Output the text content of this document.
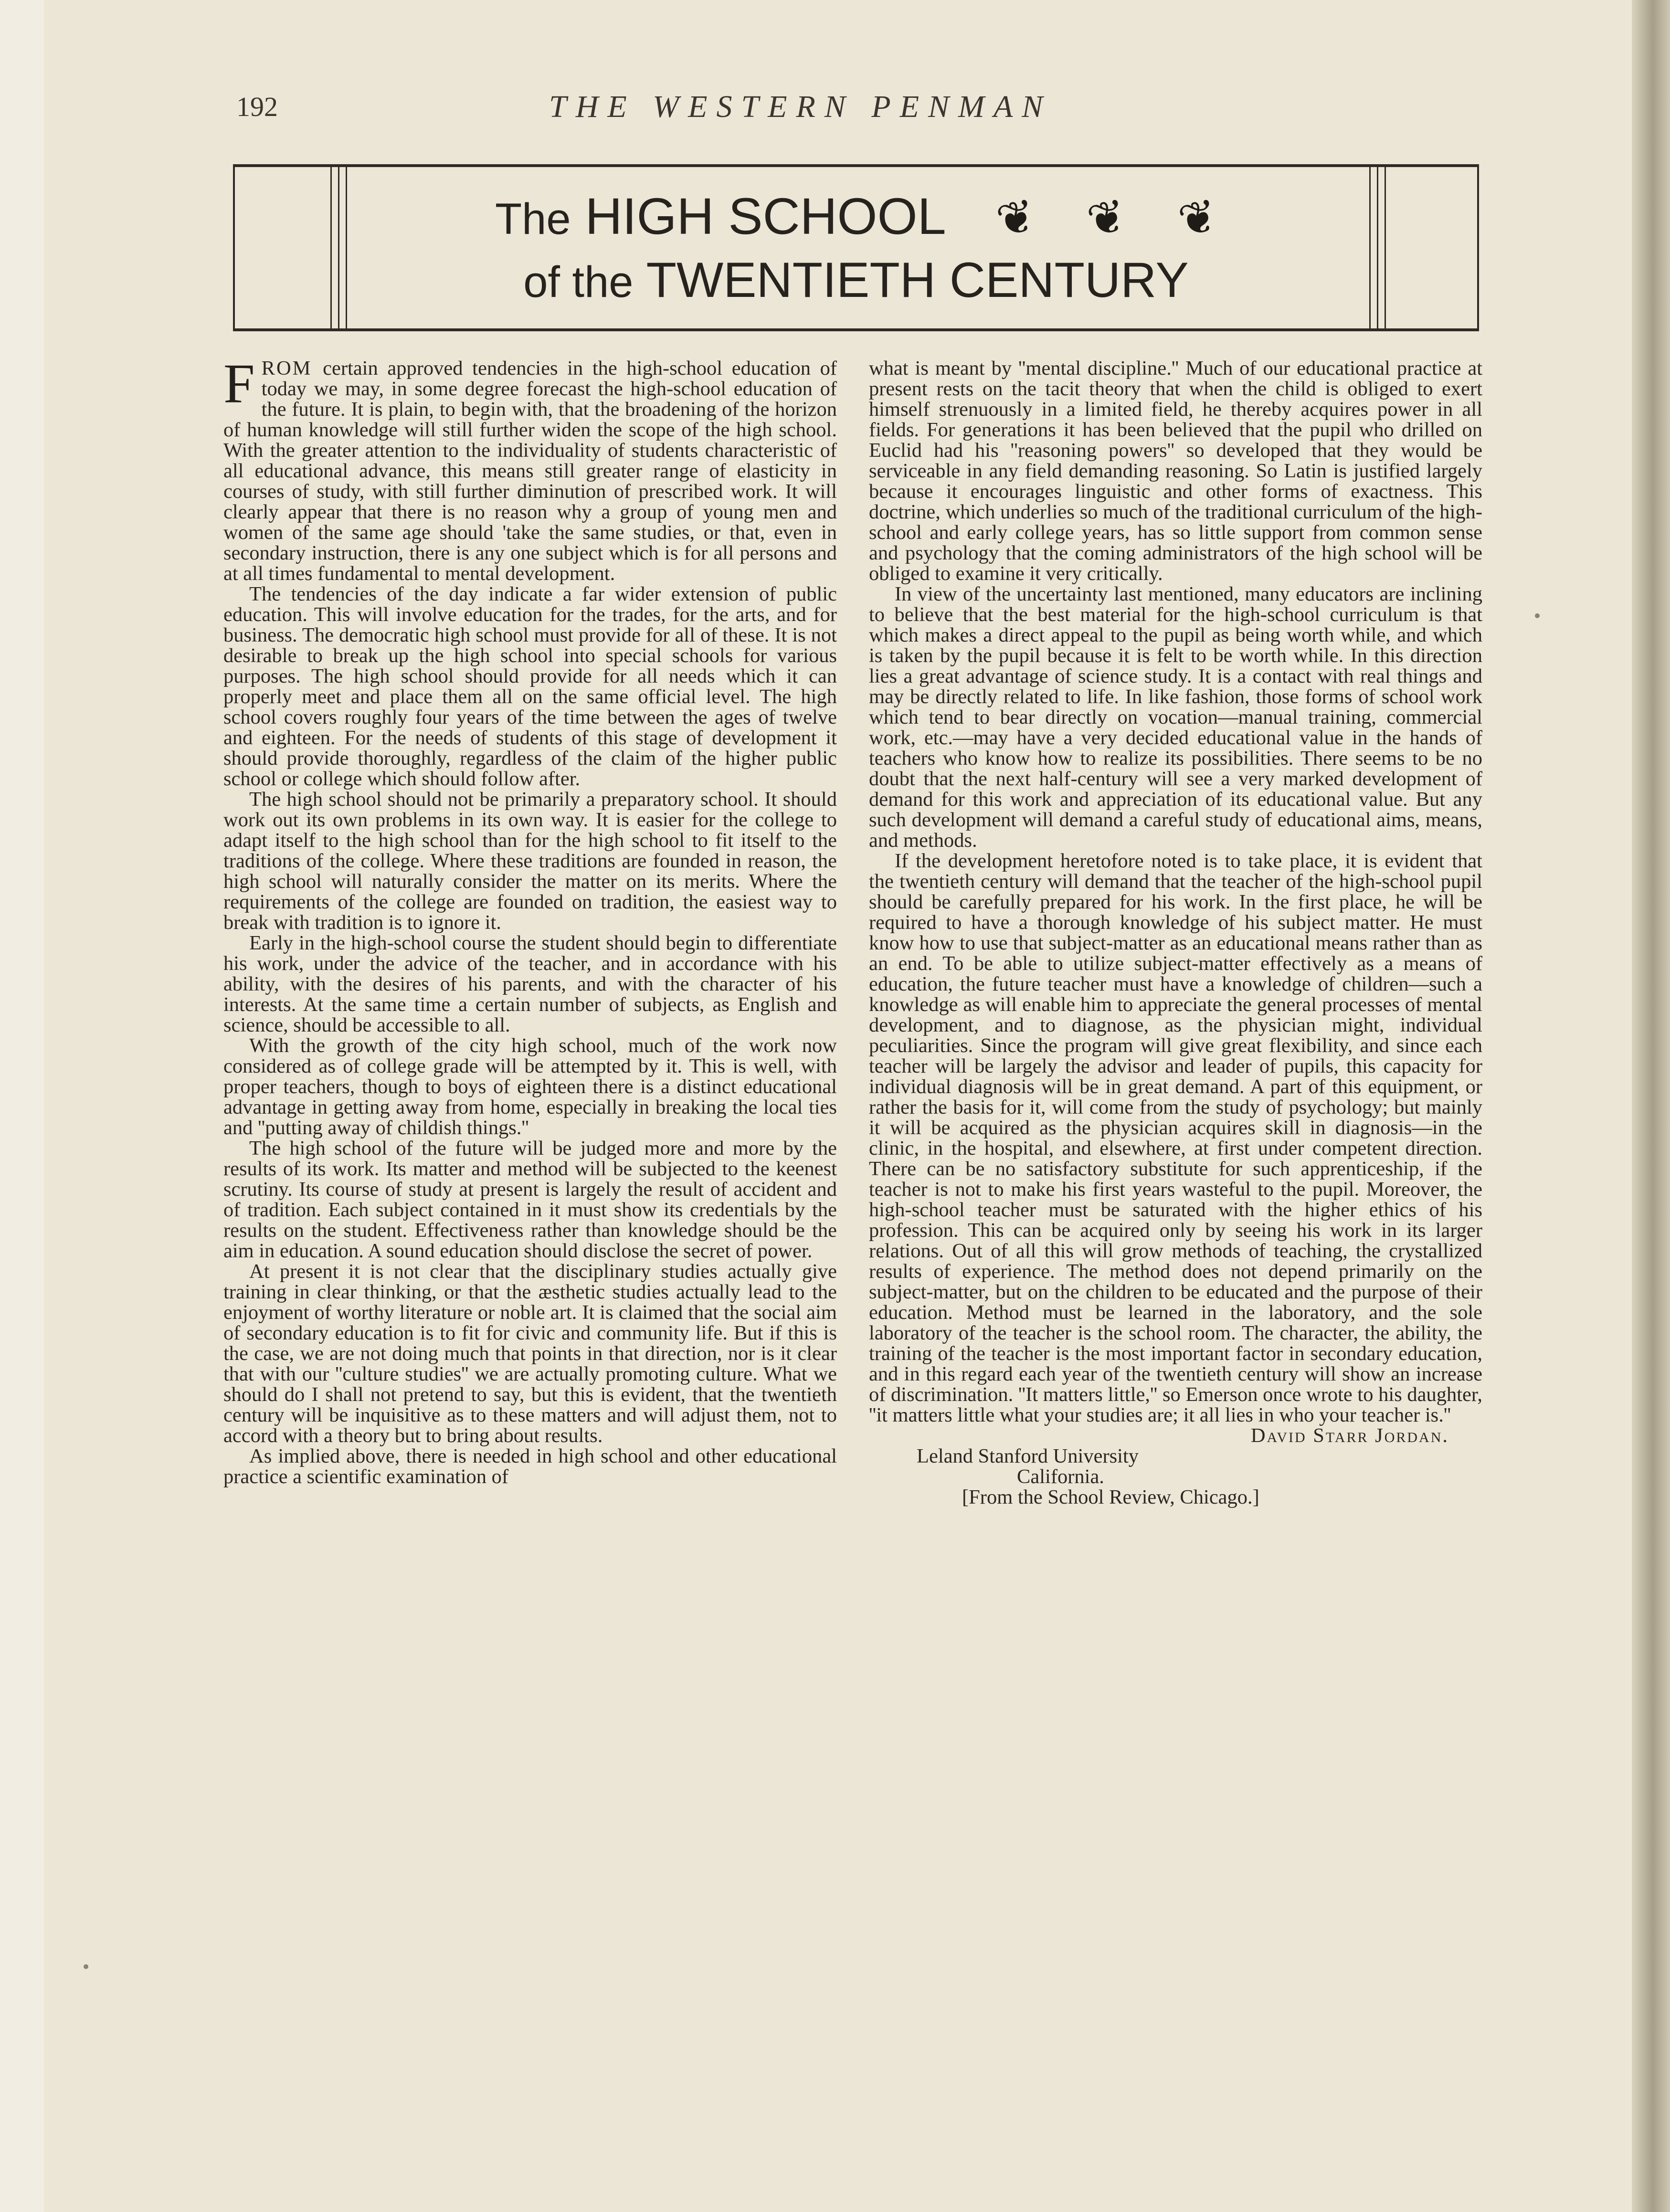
192	THE WESTERN PENMAN
The HIGH SCHOOL ❦ ❦ ❦
of the TWENTIETH CENTURY

FROM certain approved tendencies in the high-school education of today we may, in some degree forecast the high-school education of the future. It is plain, to begin with, that the broadening of the horizon of human knowledge will still further widen the scope of the high school. With the greater attention to the individuality of students characteristic of all educational advance, this means still greater range of elasticity in courses of study, with still further diminution of prescribed work. It will clearly appear that there is no reason why a group of young men and women of the same age should 'take the same studies, or that, even in secondary instruction, there is any one subject which is for all persons and at all times fundamental to mental development.

The tendencies of the day indicate a far wider extension of public education. This will involve education for the trades, for the arts, and for business. The democratic high school must provide for all of these. It is not desirable to break up the high school into special schools for various purposes. The high school should provide for all needs which it can properly meet and place them all on the same official level. The high school covers roughly four years of the time between the ages of twelve and eighteen. For the needs of students of this stage of development it should provide thoroughly, regardless of the claim of the higher public school or college which should follow after.

The high school should not be primarily a preparatory school. It should work out its own problems in its own way. It is easier for the college to adapt itself to the high school than for the high school to fit itself to the traditions of the college. Where these traditions are founded in reason, the high school will naturally consider the matter on its merits. Where the requirements of the college are founded on tradition, the easiest way to break with tradition is to ignore it.

Early in the high-school course the student should begin to differentiate his work, under the advice of the teacher, and in accordance with his ability, with the desires of his parents, and with the character of his interests. At the same time a certain number of subjects, as English and science, should be accessible to all.

With the growth of the city high school, much of the work now considered as of college grade will be attempted by it. This is well, with proper teachers, though to boys of eighteen there is a distinct educational advantage in getting away from home, especially in breaking the local ties and ''putting away of childish things.''

The high school of the future will be judged more and more by the results of its work. Its matter and method will be subjected to the keenest scrutiny. Its course of study at present is largely the result of accident and of tradition. Each subject contained in it must show its credentials by the results on the student. Effectiveness rather than knowledge should be the aim in education. A sound education should disclose the secret of power.

At present it is not clear that the disciplinary studies actually give training in clear thinking, or that the æsthetic studies actually lead to the enjoyment of worthy literature or noble art. It is claimed that the social aim of secondary education is to fit for civic and community life. But if this is the case, we are not doing much that points in that direction, nor is it clear that with our ''culture studies'' we are actually promoting culture. What we should do I shall not pretend to say, but this is evident, that the twentieth century will be inquisitive as to these matters and will adjust them, not to accord with a theory but to bring about results.

As implied above, there is needed in high school and other educational practice a scientific examination of

what is meant by ''mental discipline.'' Much of our educational practice at present rests on the tacit theory that when the child is obliged to exert himself strenuously in a limited field, he thereby acquires power in all fields. For generations it has been believed that the pupil who drilled on Euclid had his ''reasoning powers'' so developed that they would be serviceable in any field demanding reasoning. So Latin is justified largely because it encourages linguistic and other forms of exactness. This doctrine, which underlies so much of the traditional curriculum of the high-school and early college years, has so little support from common sense and psychology that the coming administrators of the high school will be obliged to examine it very critically.

In view of the uncertainty last mentioned, many educators are inclining to believe that the best material for the high-school curriculum is that which makes a direct appeal to the pupil as being worth while, and which is taken by the pupil because it is felt to be worth while. In this direction lies a great advantage of science study. It is a contact with real things and may be directly related to life. In like fashion, those forms of school work which tend to bear directly on vocation—manual training, commercial work, etc.—may have a very decided educational value in the hands of teachers who know how to realize its possibilities. There seems to be no doubt that the next half-century will see a very marked development of demand for this work and appreciation of its educational value. But any such development will demand a careful study of educational aims, means, and methods.

If the development heretofore noted is to take place, it is evident that the twentieth century will demand that the teacher of the high-school pupil should be carefully prepared for his work. In the first place, he will be required to have a thorough knowledge of his subject matter. He must know how to use that subject-matter as an educational means rather than as an end. To be able to utilize subject-matter effectively as a means of education, the future teacher must have a knowledge of children—such a knowledge as will enable him to appreciate the general processes of mental development, and to diagnose, as the physician might, individual peculiarities. Since the program will give great flexibility, and since each teacher will be largely the advisor and leader of pupils, this capacity for individual diagnosis will be in great demand. A part of this equipment, or rather the basis for it, will come from the study of psychology; but mainly it will be acquired as the physician acquires skill in diagnosis—in the clinic, in the hospital, and elsewhere, at first under competent direction. There can be no satisfactory substitute for such apprenticeship, if the teacher is not to make his first years wasteful to the pupil. Moreover, the high-school teacher must be saturated with the higher ethics of his profession. This can be acquired only by seeing his work in its larger relations. Out of all this will grow methods of teaching, the crystallized results of experience. The method does not depend primarily on the subject-matter, but on the children to be educated and the purpose of their education. Method must be learned in the laboratory, and the sole laboratory of the teacher is the school room. The character, the ability, the training of the teacher is the most important factor in secondary education, and in this regard each year of the twentieth century will show an increase of discrimination. ''It matters little,'' so Emerson once wrote to his daughter, ''it matters little what your studies are; it all lies in who your teacher is.''

David Starr Jordan.

Leland Stanford University

California.

[From the School Review, Chicago.]
